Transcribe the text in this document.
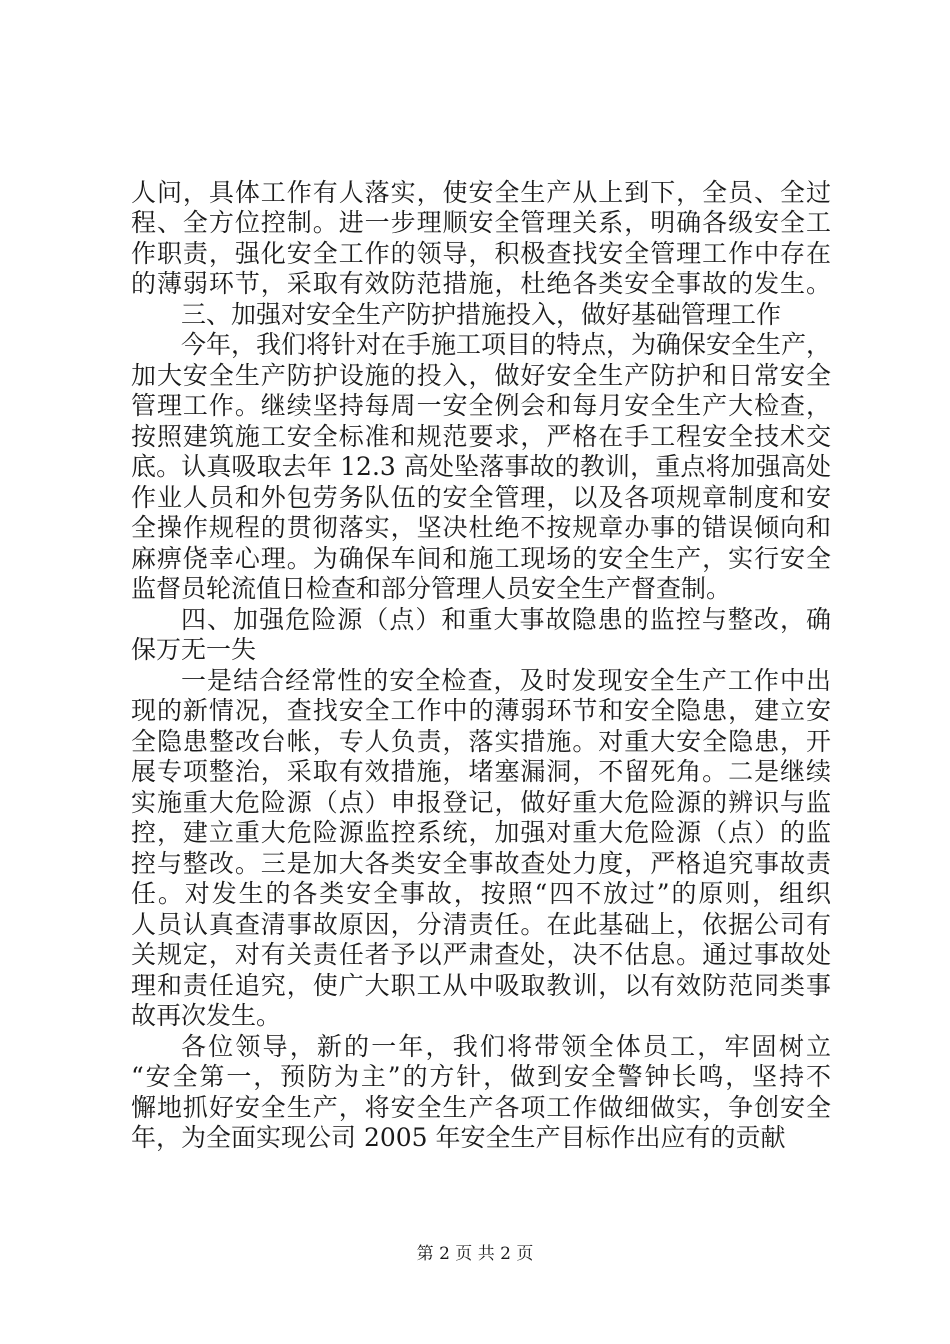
人问，具体工作有人落实，使安全生产从上到下，全员、全过
程、全方位控制。进一步理顺安全管理关系，明确各级安全工
作职责，强化安全工作的领导，积极查找安全管理工作中存在
的薄弱环节，采取有效防范措施，杜绝各类安全事故的发生。
三、加强对安全生产防护措施投入，做好基础管理工作
今年，我们将针对在手施工项目的特点，为确保安全生产，
加大安全生产防护设施的投入，做好安全生产防护和日常安全
管理工作。继续坚持每周一安全例会和每月安全生产大检查，
按照建筑施工安全标准和规范要求，严格在手工程安全技术交
底。认真吸取去年 12.3 高处坠落事故的教训，重点将加强高处
作业人员和外包劳务队伍的安全管理，以及各项规章制度和安
全操作规程的贯彻落实，坚决杜绝不按规章办事的错误倾向和
麻痹侥幸心理。为确保车间和施工现场的安全生产，实行安全
监督员轮流值日检查和部分管理人员安全生产督查制。
四、加强危险源（点）和重大事故隐患的监控与整改，确
保万无一失
一是结合经常性的安全检查，及时发现安全生产工作中出
现的新情况，查找安全工作中的薄弱环节和安全隐患，建立安
全隐患整改台帐，专人负责，落实措施。对重大安全隐患，开
展专项整治，采取有效措施，堵塞漏洞，不留死角。二是继续
实施重大危险源（点）申报登记，做好重大危险源的辨识与监
控，建立重大危险源监控系统，加强对重大危险源（点）的监
控与整改。三是加大各类安全事故查处力度，严格追究事故责
任。对发生的各类安全事故，按照“四不放过”的原则，组织
人员认真查清事故原因，分清责任。在此基础上，依据公司有
关规定，对有关责任者予以严肃查处，决不估息。通过事故处
理和责任追究，使广大职工从中吸取教训，以有效防范同类事
故再次发生。
各位领导，新的一年，我们将带领全体员工，牢固树立
“安全第一，预防为主”的方针，做到安全警钟长鸣，坚持不
懈地抓好安全生产，将安全生产各项工作做细做实，争创安全
年，为全面实现公司 2005 年安全生产目标作出应有的贡献
第 2 页 共 2 页
